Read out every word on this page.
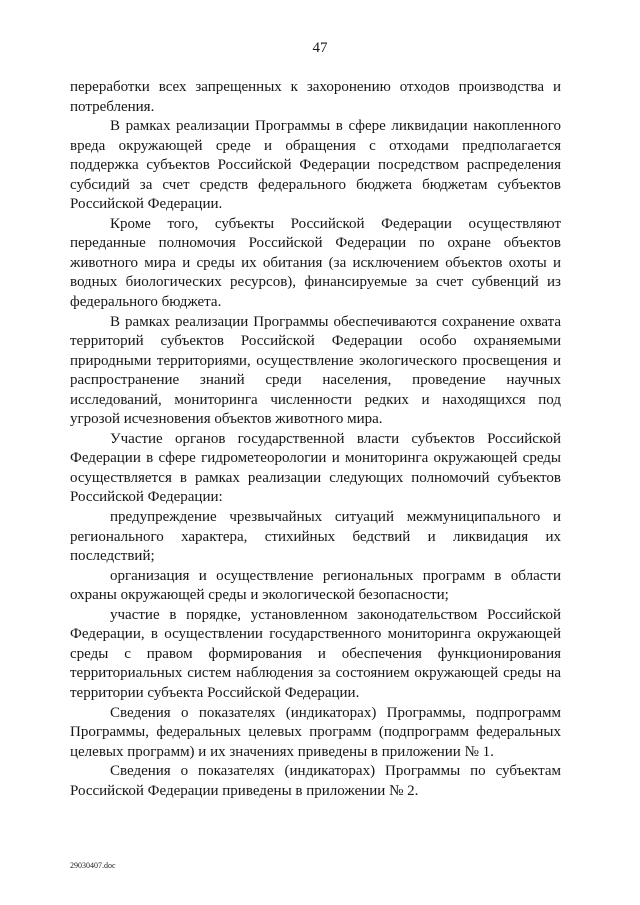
47
переработки всех запрещенных к захоронению отходов производства и
потребления.
В рамках реализации Программы в сфере ликвидации накопленного
вреда окружающей среде и обращения с отходами предполагается
поддержка субъектов Российской Федерации посредством распределения
субсидий за счет средств федерального бюджета бюджетам субъектов
Российской Федерации.
Кроме того, субъекты Российской Федерации осуществляют
переданные полномочия Российской Федерации по охране объектов
животного мира и среды их обитания (за исключением объектов охоты и
водных биологических ресурсов), финансируемые за счет субвенций из
федерального бюджета.
В рамках реализации Программы обеспечиваются сохранение охвата
территорий субъектов Российской Федерации особо охраняемыми
природными территориями, осуществление экологического просвещения и
распространение знаний среди населения, проведение научных
исследований, мониторинга численности редких и находящихся под
угрозой исчезновения объектов животного мира.
Участие органов государственной власти субъектов Российской
Федерации в сфере гидрометеорологии и мониторинга окружающей среды
осуществляется в рамках реализации следующих полномочий субъектов
Российской Федерации:
предупреждение чрезвычайных ситуаций межмуниципального и
регионального характера, стихийных бедствий и ликвидация их
последствий;
организация и осуществление региональных программ в области
охраны окружающей среды и экологической безопасности;
участие в порядке, установленном законодательством Российской
Федерации, в осуществлении государственного мониторинга окружающей
среды с правом формирования и обеспечения функционирования
территориальных систем наблюдения за состоянием окружающей среды на
территории субъекта Российской Федерации.
Сведения о показателях (индикаторах) Программы, подпрограмм
Программы, федеральных целевых программ (подпрограмм федеральных
целевых программ) и их значениях приведены в приложении № 1.
Сведения о показателях (индикаторах) Программы по субъектам
Российской Федерации приведены в приложении № 2.
29030407.doc
